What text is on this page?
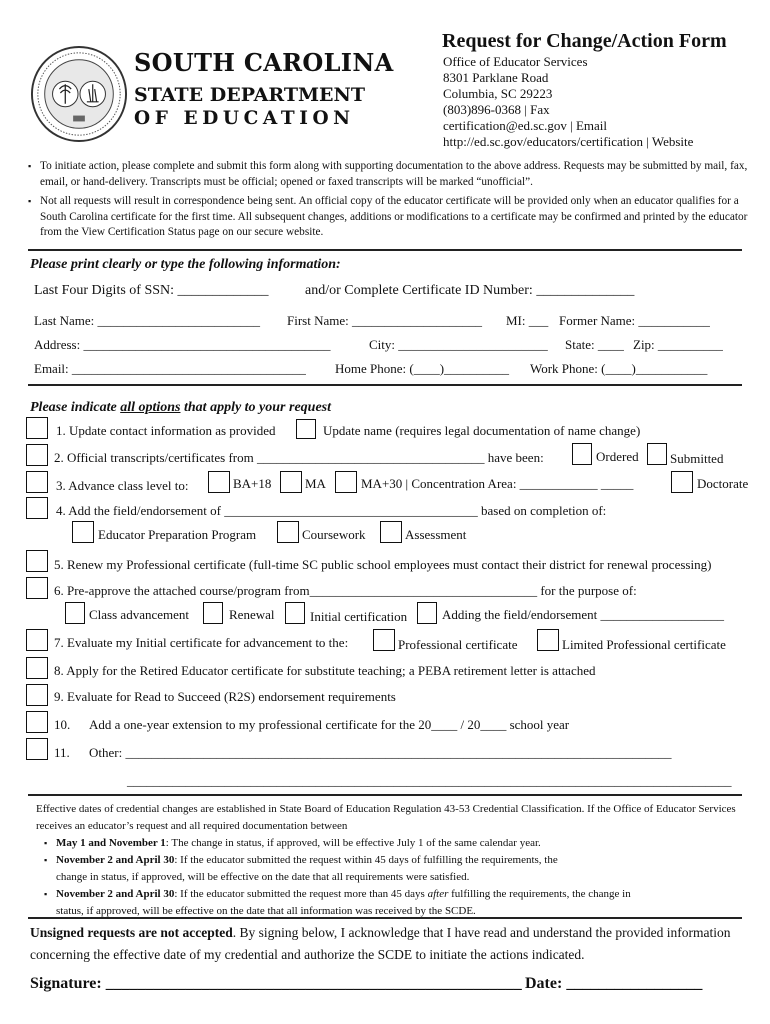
SOUTH CAROLINA
STATE DEPARTMENT
OF EDUCATION
Request for Change/Action Form
Office of Educator Services
8301 Parklane Road
Columbia, SC 29223
(803)896-0368 | Fax
certification@ed.sc.gov | Email
http://ed.sc.gov/educators/certification | Website
▪ To initiate action, please complete and submit this form along with supporting documentation to the above address. Requests may be submitted by mail, fax, email, or hand-delivery. Transcripts must be official; opened or faxed transcripts will be marked “unofficial”.
▪ Not all requests will result in correspondence being sent. An official copy of the educator certificate will be provided only when an educator qualifies for a South Carolina certificate for the first time. All subsequent changes, additions or modifications to a certificate may be confirmed and printed by the educator from the View Certification Status page on our secure website.
Please print clearly or type the following information:
Last Four Digits of SSN: _____________	and/or Complete Certificate ID Number: ______________
Last Name: _________________________ First Name: ____________________ MI: ___ Former Name: ___________
Address: ______________________________________	City: _______________________ State: ____ Zip: __________
Email: ____________________________________ Home Phone: (____)__________ Work Phone: (____)___________
Please indicate all options that apply to your request
1. Update contact information as provided	Update name (requires legal documentation of name change)
2. Official transcripts/certificates from ___________________________________ have been:	Ordered Submitted
3. Advance class level to:	BA+18	MA	MA+30 | Concentration Area: ____________ _____	Doctorate
4. Add the field/endorsement of _______________________________________ based on completion of:
Educator Preparation Program	Coursework	Assessment
5. Renew my Professional certificate (full-time SC public school employees must contact their district for renewal processing)
6. Pre-approve the attached course/program from___________________________________ for the purpose of:
Class advancement	Renewal	Initial certification	Adding the field/endorsement ___________________
7. Evaluate my Initial certificate for advancement to the:	Professional certificate	Limited Professional certificate
8. Apply for the Retired Educator certificate for substitute teaching; a PEBA retirement letter is attached
9. Evaluate for Read to Succeed (R2S) endorsement requirements
10. Add a one-year extension to my professional certificate for the 20____ / 20____ school year
11. Other: ____________________________________________________________________________________
_____________________________________________________________________________________________
Effective dates of credential changes are established in State Board of Education Regulation 43-53 Credential Classification. If the Office of Educator Services receives an educator’s request and all required documentation between
▪ May 1 and November 1: The change in status, if approved, will be effective July 1 of the same calendar year.
▪ November 2 and April 30: If the educator submitted the request within 45 days of fulfilling the requirements, the
change in status, if approved, will be effective on the date that all requirements were satisfied.
▪ November 2 and April 30: If the educator submitted the request more than 45 days after fulfilling the requirements, the change in
status, if approved, will be effective on the date that all information was received by the SCDE.
Unsigned requests are not accepted. By signing below, I acknowledge that I have read and understand the provided information concerning the effective date of my credential and authorize the SCDE to initiate the actions indicated.
Signature: ____________________________________________________ Date: _________________
